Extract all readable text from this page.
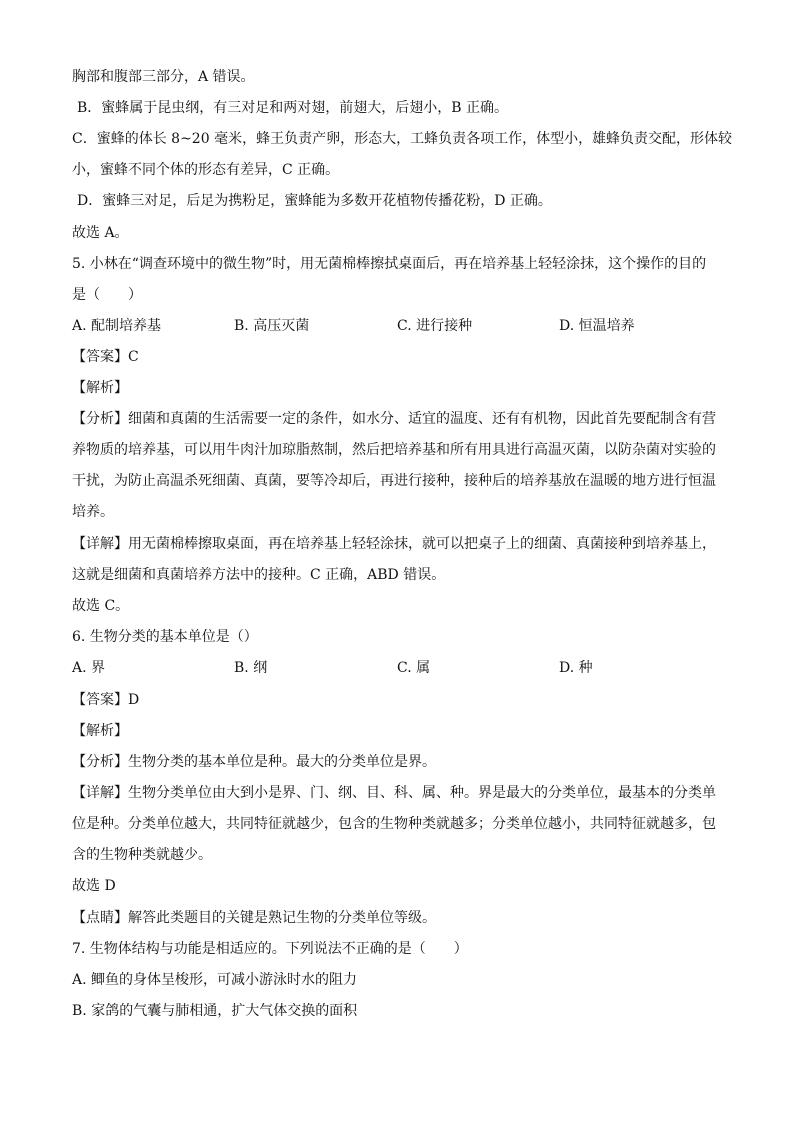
胸部和腹部三部分，A 错误。
B．蜜蜂属于昆虫纲，有三对足和两对翅，前翅大，后翅小，B 正确。
C．蜜蜂的体长 8~20 毫米，蜂王负责产卵，形态大，工蜂负责各项工作，体型小，雄蜂负责交配，形体较
小，蜜蜂不同个体的形态有差异，C 正确。
D．蜜蜂三对足，后足为携粉足，蜜蜂能为多数开花植物传播花粉，D 正确。
故选 A。
5. 小林在“调查环境中的微生物”时，用无菌棉棒擦拭桌面后，再在培养基上轻轻涂抹，这个操作的目的
是（　　）
A. 配制培养基	B. 高压灭菌	C. 进行接种	D. 恒温培养
【答案】C
【解析】
【分析】细菌和真菌的生活需要一定的条件，如水分、适宜的温度、还有有机物，因此首先要配制含有营
养物质的培养基，可以用牛肉汁加琼脂熬制，然后把培养基和所有用具进行高温灭菌，以防杂菌对实验的
干扰，为防止高温杀死细菌、真菌，要等冷却后，再进行接种，接种后的培养基放在温暖的地方进行恒温
培养。
【详解】用无菌棉棒擦取桌面，再在培养基上轻轻涂抹，就可以把桌子上的细菌、真菌接种到培养基上，
这就是细菌和真菌培养方法中的接种。C 正确，ABD 错误。
故选 C。
6. 生物分类的基本单位是（）
A. 界	B. 纲	C. 属	D. 种
【答案】D
【解析】
【分析】生物分类的基本单位是种。最大的分类单位是界。
【详解】生物分类单位由大到小是界、门、纲、目、科、属、种。界是最大的分类单位，最基本的分类单
位是种。分类单位越大，共同特征就越少，包含的生物种类就越多；分类单位越小，共同特征就越多，包
含的生物种类就越少。
故选 D
【点睛】解答此类题目的关键是熟记生物的分类单位等级。
7. 生物体结构与功能是相适应的。下列说法不正确的是（　　）
A. 鲫鱼的身体呈梭形，可减小游泳时水的阻力
B. 家鸽的气囊与肺相通，扩大气体交换的面积
